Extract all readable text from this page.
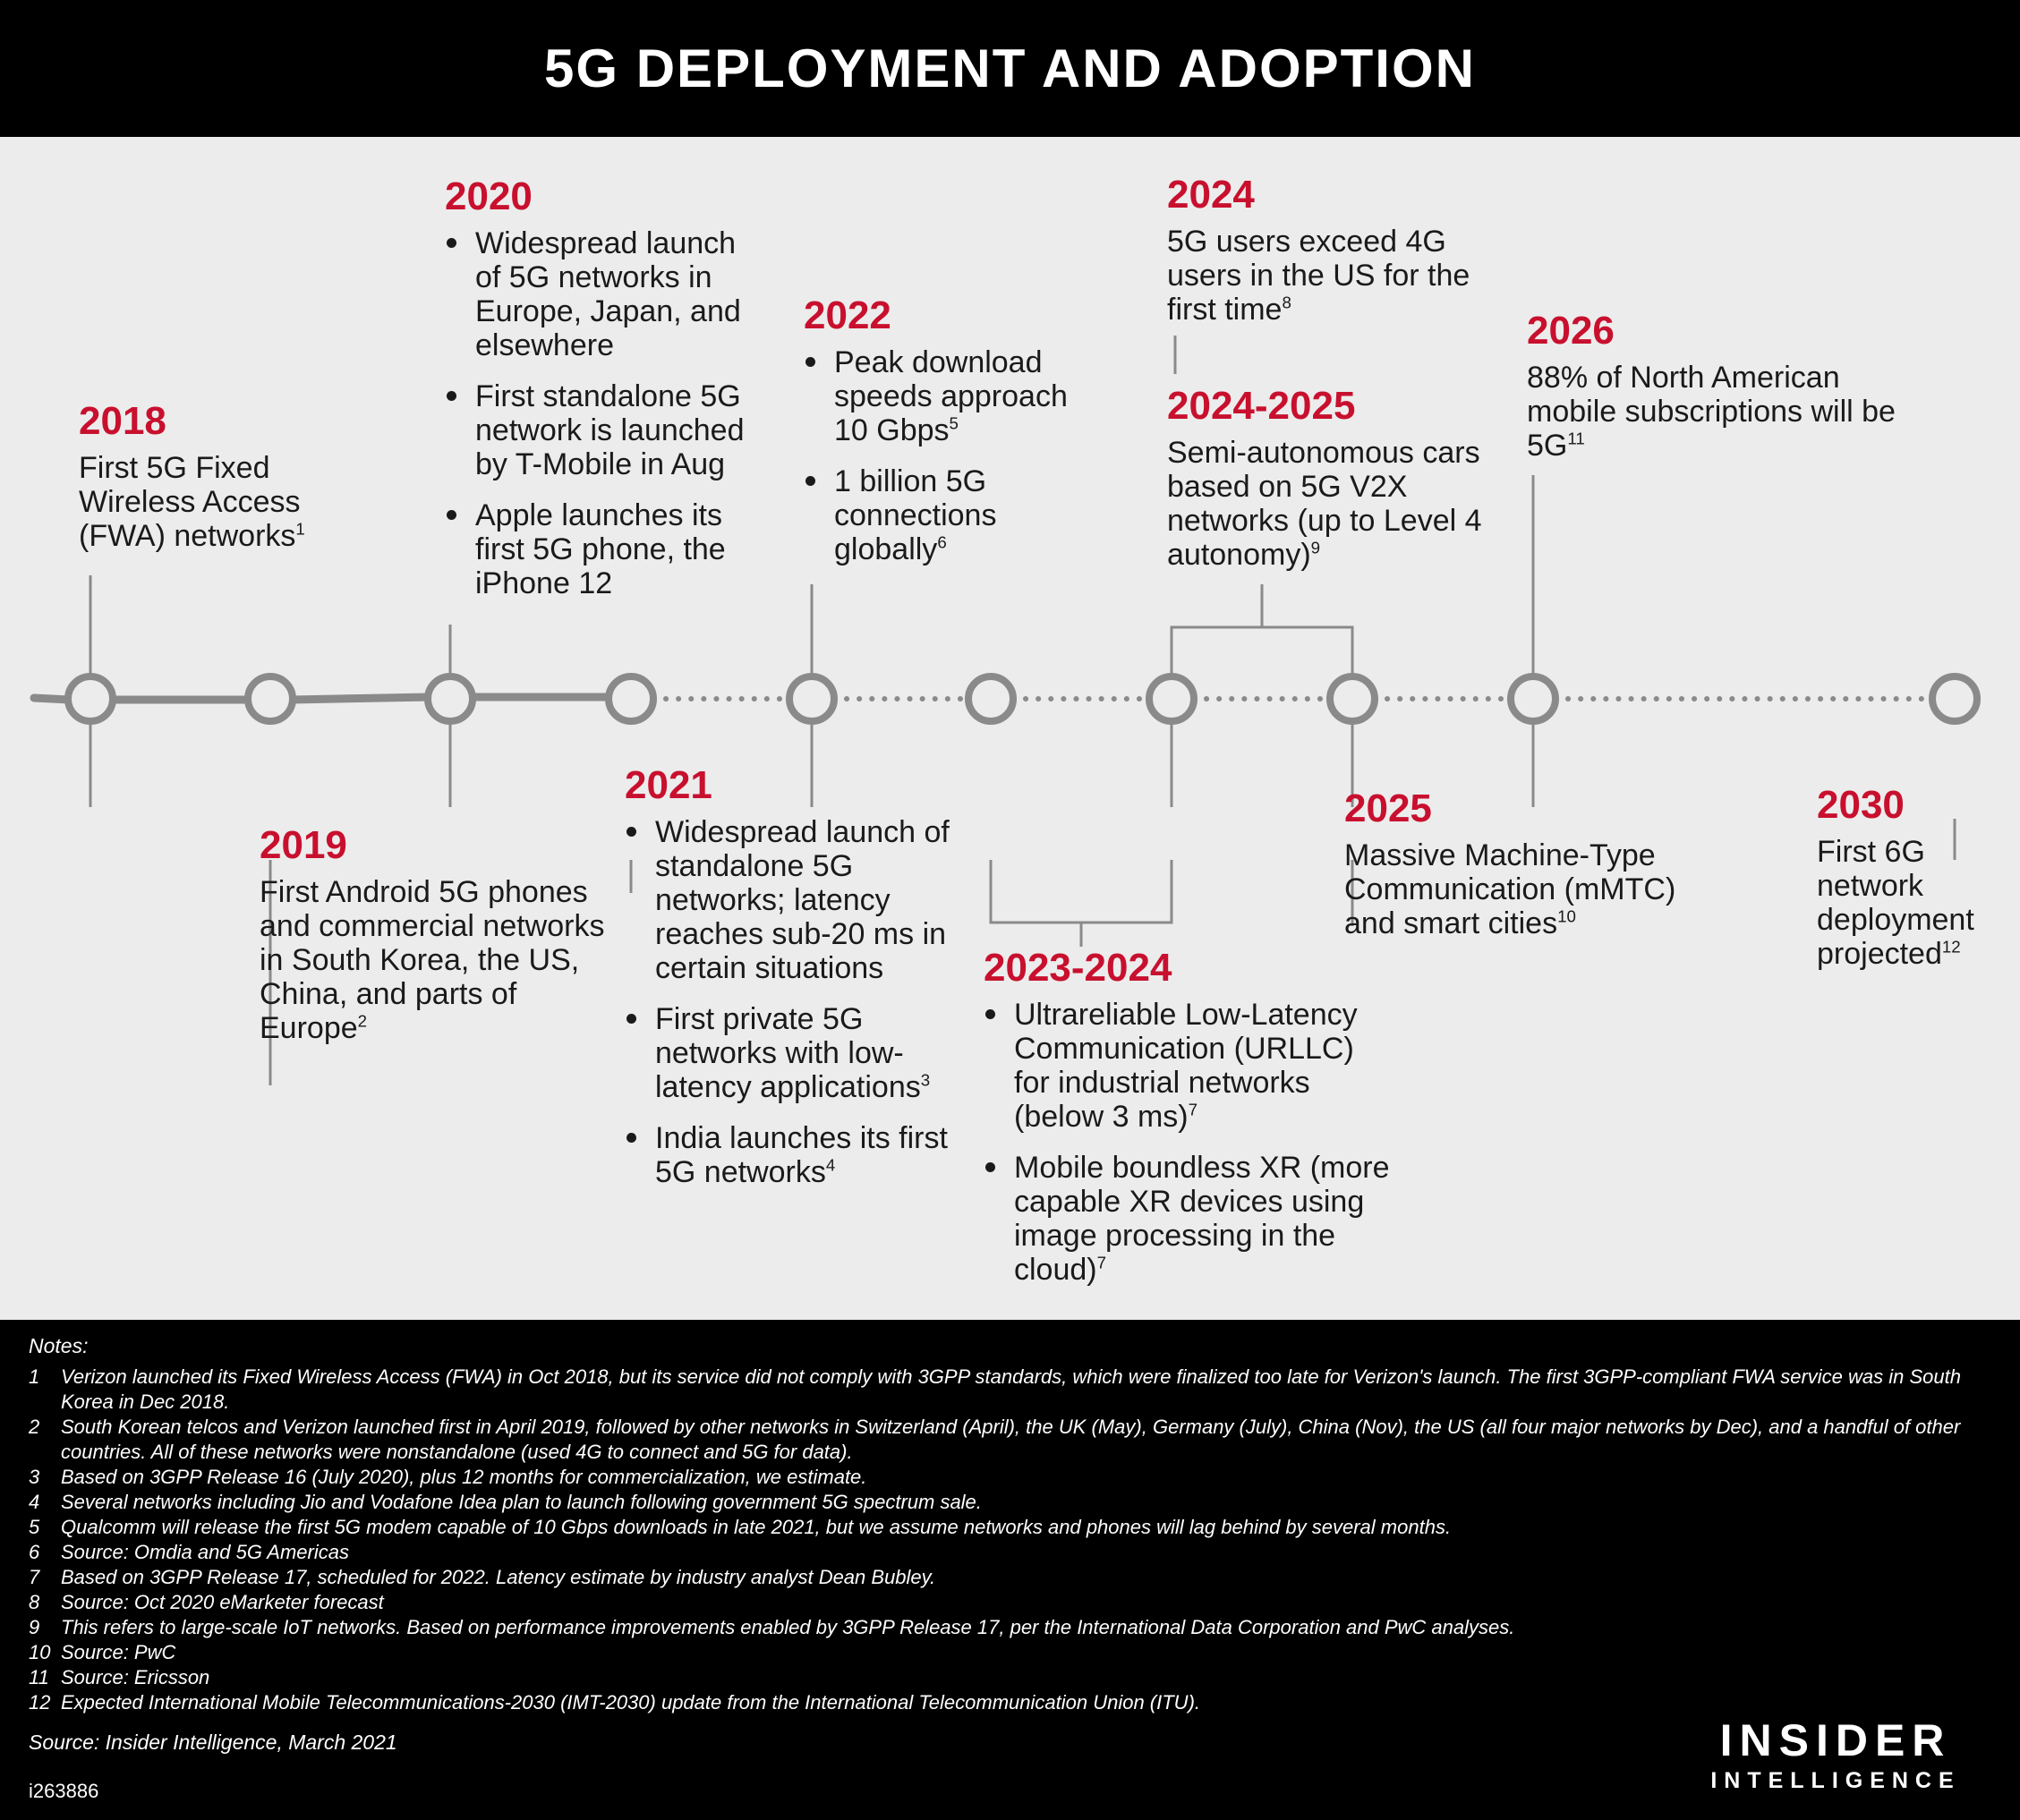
5G DEPLOYMENT AND ADOPTION
2018
First 5G Fixed Wireless Access (FWA) networks$^1$
2019
First Android 5G phones and commercial networks in South Korea, the US, China, and parts of Europe$^2$
2020
Widespread launch of 5G networks in Europe, Japan, and elsewhere
First standalone 5G network is launched by T-Mobile in Aug
Apple launches its first 5G phone, the iPhone 12
2021
Widespread launch of standalone 5G networks; latency reaches sub-20 ms in certain situations
First private 5G networks with low-latency applications$^3$
India launches its first 5G networks$^4$
2022
Peak download speeds approach 10 Gbps$^5$
1 billion 5G connections globally$^6$
2023-2024
Ultrareliable Low-Latency Communication (URLLC) for industrial networks (below 3 ms)$^7$
Mobile boundless XR (more capable XR devices using image processing in the cloud)$^7$
2024
5G users exceed 4G users in the US for the first time$^8$
2024-2025
Semi-autonomous cars based on 5G V2X networks (up to Level 4 autonomy)$^9$
2025
Massive Machine-Type Communication (mMTC) and smart cities$^{10}$
2026
88% of North American mobile subscriptions will be $5G^{11}$
2030
First 6G network deployment projected$^{12}$
Notes:
1	Verizon launched its Fixed Wireless Access (FWA) in Oct 2018, but its service did not comply with 3GPP standards, which were finalized too late for Verizon's launch. The first 3GPP-compliant FWA service was in South Korea in Dec 2018.
2	South Korean telcos and Verizon launched first in April 2019, followed by other networks in Switzerland (April), the UK (May), Germany (July), China (Nov), the US (all four major networks by Dec), and a handful of other countries. All of these networks were nonstandalone (used 4G to connect and 5G for data).
3	Based on 3GPP Release 16 (July 2020), plus 12 months for commercialization, we estimate.
4	Several networks including Jio and Vodafone Idea plan to launch following government 5G spectrum sale.
5	Qualcomm will release the first 5G modem capable of 10 Gbps downloads in late 2021, but we assume networks and phones will lag behind by several months.
6	Source: Omdia and 5G Americas
7	Based on 3GPP Release 17, scheduled for 2022. Latency estimate by industry analyst Dean Bubley.
8	Source: Oct 2020 eMarketer forecast
9	This refers to large-scale IoT networks. Based on performance improvements enabled by 3GPP Release 17, per the International Data Corporation and PwC analyses.
10 Source: PwC
11 Source: Ericsson
12 Expected International Mobile Telecommunications-2030 (IMT-2030) update from the International Telecommunication Union (ITU).
Source: Insider Intelligence, March 2021
i263886
INSIDER
INTELLIGENCE
